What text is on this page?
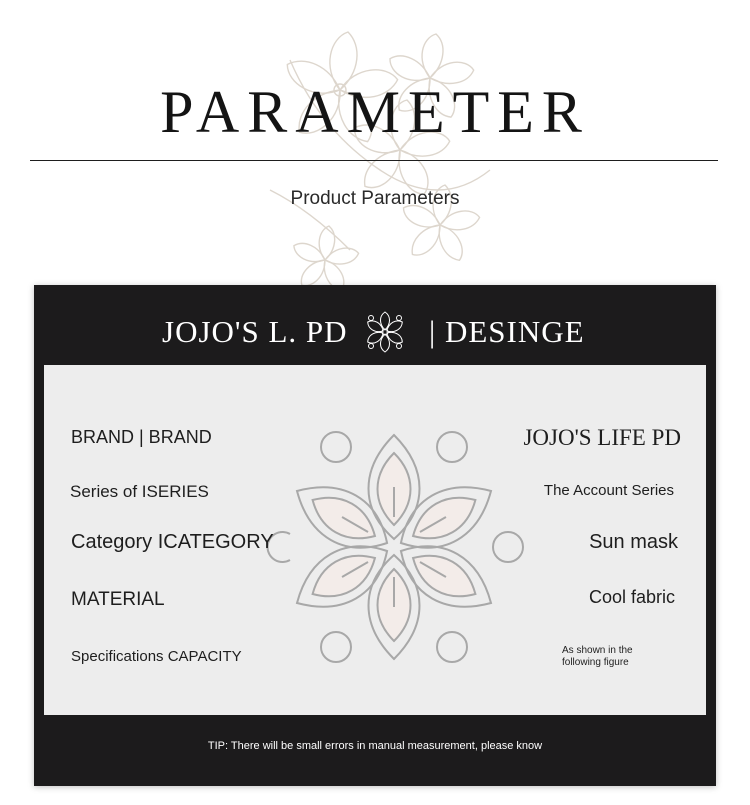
PARAMETER

Product Parameters

JOJO'S L. PD	| DESINGE
BRAND | BRAND	JOJO'S LIFE PD
Series of ISERIES	The Account Series
Category ICATEGORY	Sun mask
MATERIAL	Cool fabric
Specifications CAPACITY	As shown in the
following figure

TIP: There will be small errors in manual measurement, please know
